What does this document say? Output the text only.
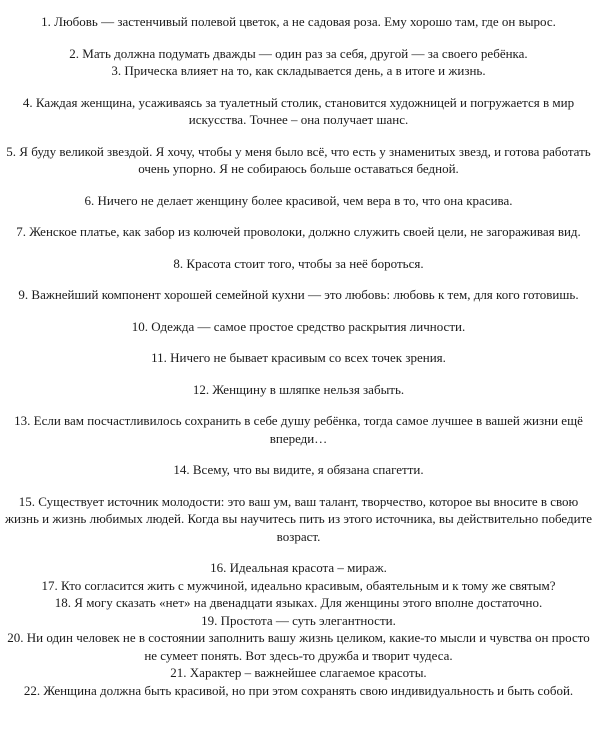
1. Любовь — застенчивый полевой цветок, а не садовая роза. Ему хорошо там, где он вырос.

2. Мать должна подумать дважды — один раз за себя, другой — за своего ребёнка.

3. Прическа влияет на то, как складывается день, а в итоге и жизнь.

4. Каждая женщина, усаживаясь за туалетный столик, становится художницей и погружается в мир искусства. Точнее – она получает шанс.

5. Я буду великой звездой. Я хочу, чтобы у меня было всё, что есть у знаменитых звезд, и готова работать очень упорно. Я не собираюсь больше оставаться бедной.

6. Ничего не делает женщину более красивой, чем вера в то, что она красива.

7. Женское платье, как забор из колючей проволоки, должно служить своей цели, не загораживая вид.

8. Красота стоит того, чтобы за неё бороться.

9. Важнейший компонент хорошей семейной кухни — это любовь: любовь к тем, для кого готовишь.

10. Одежда — самое простое средство раскрытия личности.

11. Ничего не бывает красивым со всех точек зрения.

12. Женщину в шляпке нельзя забыть.

13. Если вам посчастливилось сохранить в себе душу ребёнка, тогда самое лучшее в вашей жизни ещё впереди…

14. Всему, что вы видите, я обязана спагетти.

15. Существует источник молодости: это ваш ум, ваш талант, творчество, которое вы вносите в свою жизнь и жизнь любимых людей. Когда вы научитесь пить из этого источника, вы действительно победите возраст.

16. Идеальная красота – мираж.

17. Кто согласится жить с мужчиной, идеально красивым, обаятельным и к тому же святым?

18. Я могу сказать «нет» на двенадцати языках. Для женщины этого вполне достаточно.

19. Простота — суть элегантности.

20. Ни один человек не в состоянии заполнить вашу жизнь целиком, какие-то мысли и чувства он просто не сумеет понять. Вот здесь-то дружба и творит чудеса.

21. Характер – важнейшее слагаемое красоты.

22. Женщина должна быть красивой, но при этом сохранять свою индивидуальность и быть собой.
